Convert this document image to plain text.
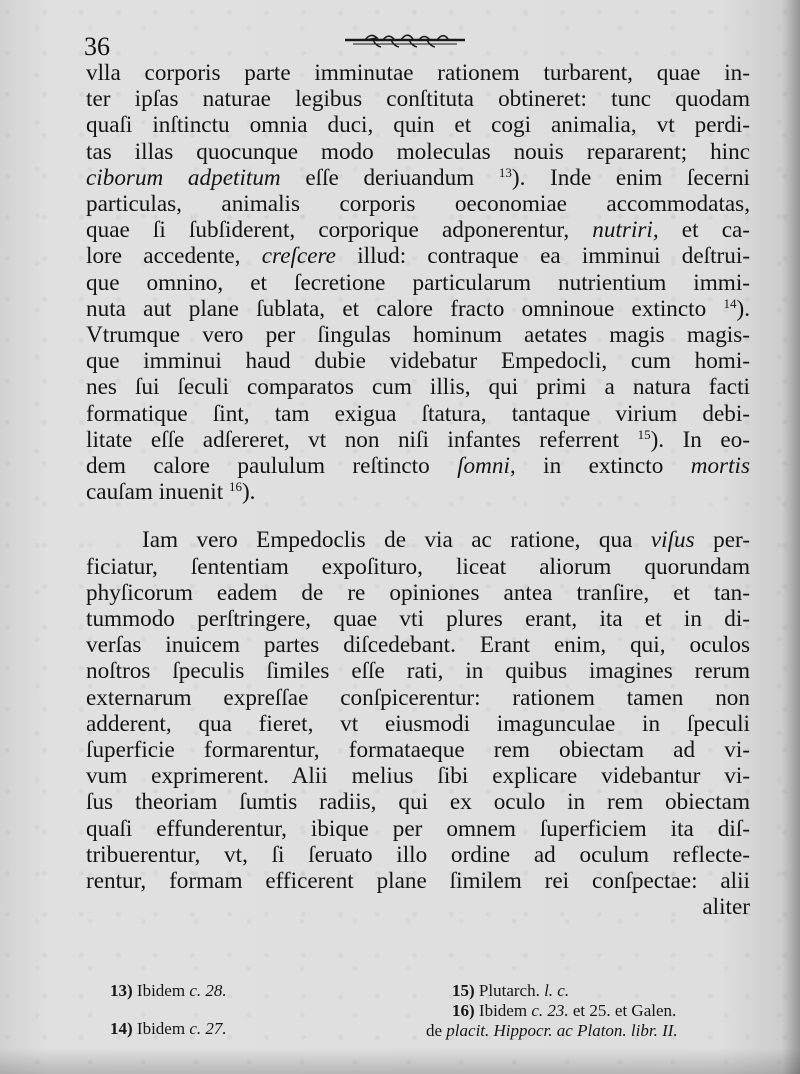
36
vlla corporis parte imminutae rationem turbarent, quae in-
ter ipſas naturae legibus conſtituta obtineret: tunc quodam
quaſi inſtinctu omnia duci, quin et cogi animalia, vt perdi-
tas illas quocunque modo moleculas nouis repararent; hinc
ciborum adpetitum eſſe deriuandum $^{13}$). Inde enim ſecerni
particulas, animalis corporis oeconomiae accommodatas,
quae ſi ſubſiderent, corporique adponerentur, nutriri, et ca-
lore accedente, creſcere illud: contraque ea imminui deſtrui-
que omnino, et ſecretione particularum nutrientium immi-
nuta aut plane ſublata, et calore fracto omninoue extincto $^{14}$).
Vtrumque vero per ſingulas hominum aetates magis magis-
que imminui haud dubie videbatur Empedocli, cum homi-
nes ſui ſeculi comparatos cum illis, qui primi a natura facti
formatique ſint, tam exigua ſtatura, tantaque virium debi-
litate eſſe adſereret, vt non niſi infantes referrent $^{15}$). In eo-
dem calore paululum reſtincto ſomni, in extincto mortis
cauſam inuenit $^{16}$).
Iam vero Empedoclis de via ac ratione, qua viſus per-
ficiatur, ſententiam expoſituro, liceat aliorum quorundam
phyſicorum eadem de re opiniones antea tranſire, et tan-
tummodo perſtringere, quae vti plures erant, ita et in di-
verſas inuicem partes diſcedebant. Erant enim, qui, oculos
noſtros ſpeculis ſimiles eſſe rati, in quibus imagines rerum
externarum expreſſae conſpicerentur: rationem tamen non
adderent, qua fieret, vt eiusmodi imagunculae in ſpeculi
ſuperficie formarentur, formataeque rem obiectam ad vi-
vum exprimerent. Alii melius ſibi explicare videbantur vi-
ſus theoriam ſumtis radiis, qui ex oculo in rem obiectam
quaſi effunderentur, ibique per omnem ſuperficiem ita diſ-
tribuerentur, vt, ſi ſeruato illo ordine ad oculum reflecte-
rentur, formam efficerent plane ſimilem rei conſpectae: alii
aliter
13) Ibidem c. 28.
14) Ibidem c. 27.
15) Plutarch. l. c.
16) Ibidem c. 23. et 25. et Galen.
de placit. Hippocr. ac Platon. libr. II.
